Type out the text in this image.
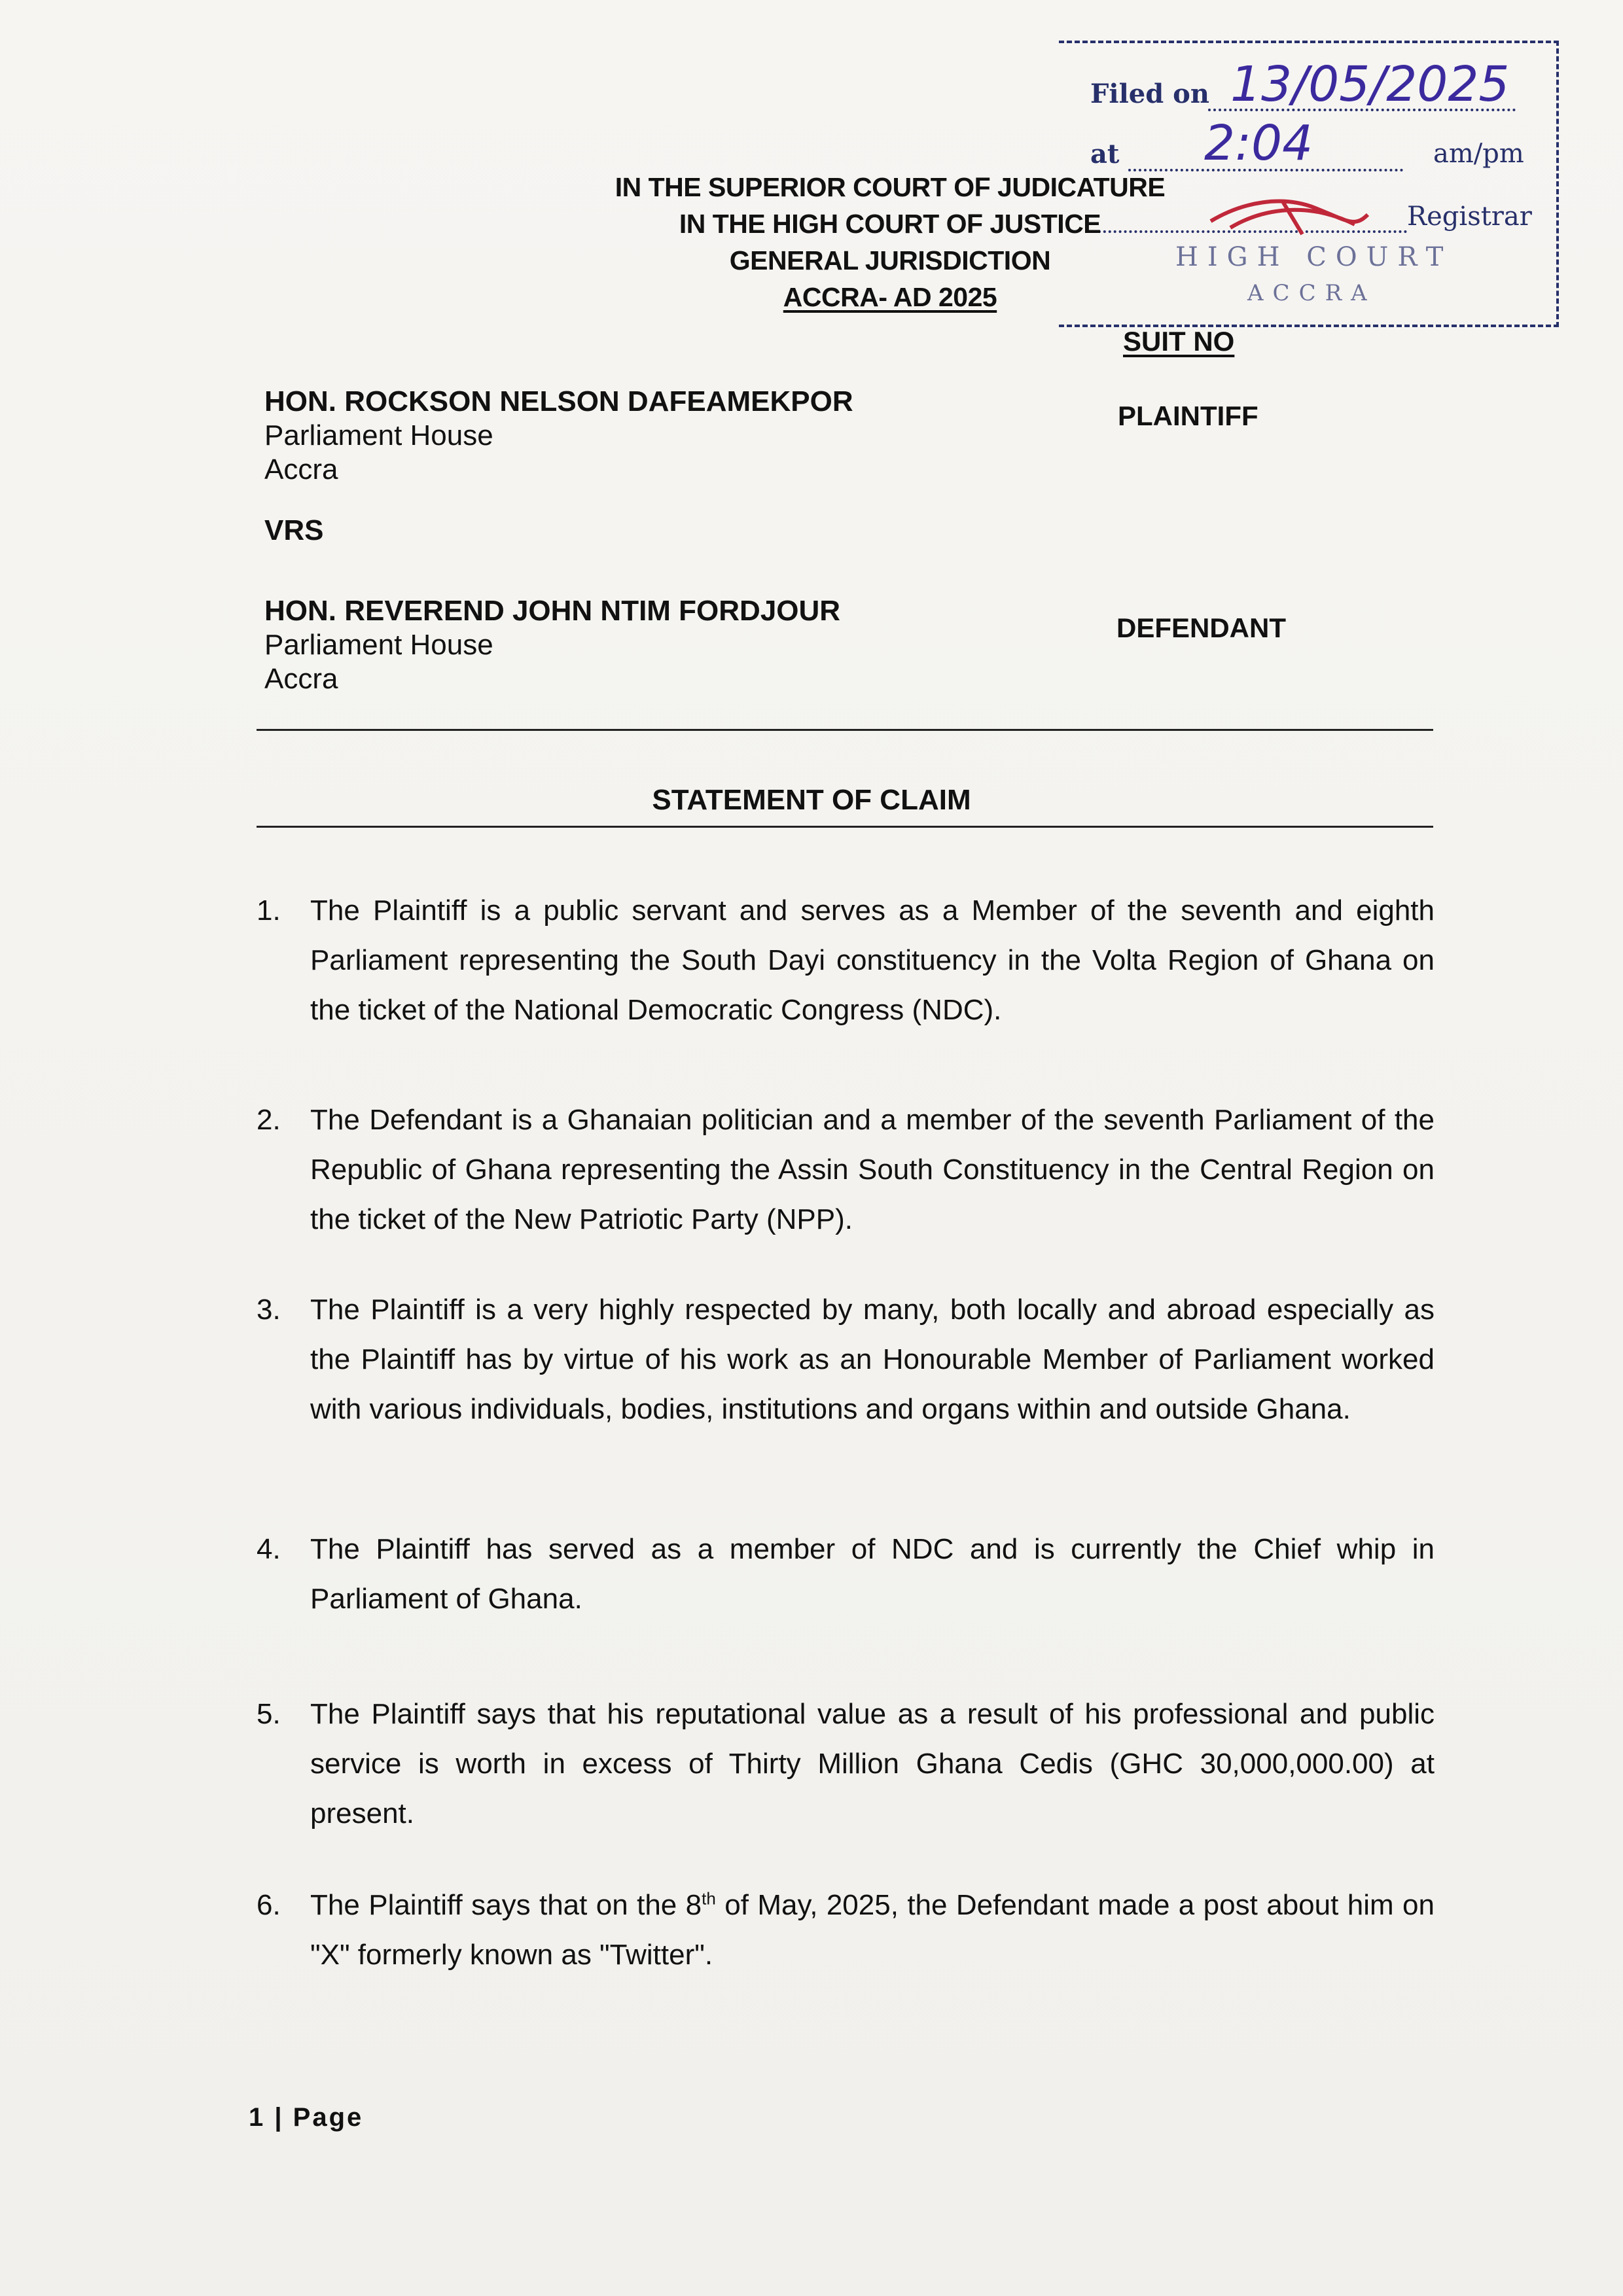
Filed on 13/05/2025
at 2:04	am/pm
Registrar
HIGH COURT
ACCRA
IN THE SUPERIOR COURT OF JUDICATURE
IN THE HIGH COURT OF JUSTICE
GENERAL JURISDICTION
ACCRA- AD 2025
SUIT NO
HON. ROCKSON NELSON DAFEAMEKPOR
Parliament House
Accra
PLAINTIFF
VRS
HON. REVEREND JOHN NTIM FORDJOUR
Parliament House
Accra
DEFENDANT
STATEMENT OF CLAIM
1. The Plaintiff is a public servant and serves as a Member of the seventh and eighth Parliament representing the South Dayi constituency in the Volta Region of Ghana on the ticket of the National Democratic Congress (NDC).
2. The Defendant is a Ghanaian politician and a member of the seventh Parliament of the Republic of Ghana representing the Assin South Constituency in the Central Region on the ticket of the New Patriotic Party (NPP).
3. The Plaintiff is a very highly respected by many, both locally and abroad especially as the Plaintiff has by virtue of his work as an Honourable Member of Parliament worked with various individuals, bodies, institutions and organs within and outside Ghana.
4. The Plaintiff has served as a member of NDC and is currently the Chief whip in Parliament of Ghana.
5. The Plaintiff says that his reputational value as a result of his professional and public service is worth in excess of Thirty Million Ghana Cedis (GHC 30,000,000.00) at present.
6. The Plaintiff says that on the 8th of May, 2025, the Defendant made a post about him on "X" formerly known as "Twitter".
1 | Page
